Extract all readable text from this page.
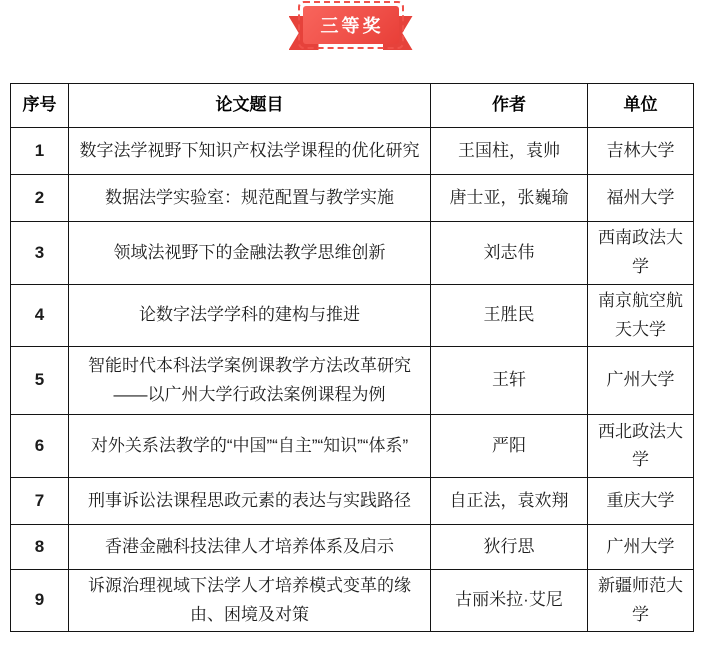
三等奖
序号	论文题目	作者	单位
1	数字法学视野下知识产权法学课程的优化研究	王国柱，袁帅	吉林大学
2	数据法学实验室：规范配置与教学实施	唐士亚，张巍瑜	福州大学
3	领域法视野下的金融法教学思维创新	刘志伟	西南政法大学
4	论数字法学学科的建构与推进	王胜民	南京航空航天大学
5	智能时代本科法学案例课教学方法改革研究——以广州大学行政法案例课程为例	王轩	广州大学
6	对外关系法教学的“中国”“自主”“知识”“体系”	严阳	西北政法大学
7	刑事诉讼法课程思政元素的表达与实践路径	自正法，袁欢翔	重庆大学
8	香港金融科技法律人才培养体系及启示	狄行思	广州大学
9	诉源治理视域下法学人才培养模式变革的缘由、困境及对策	古丽米拉·艾尼	新疆师范大学
